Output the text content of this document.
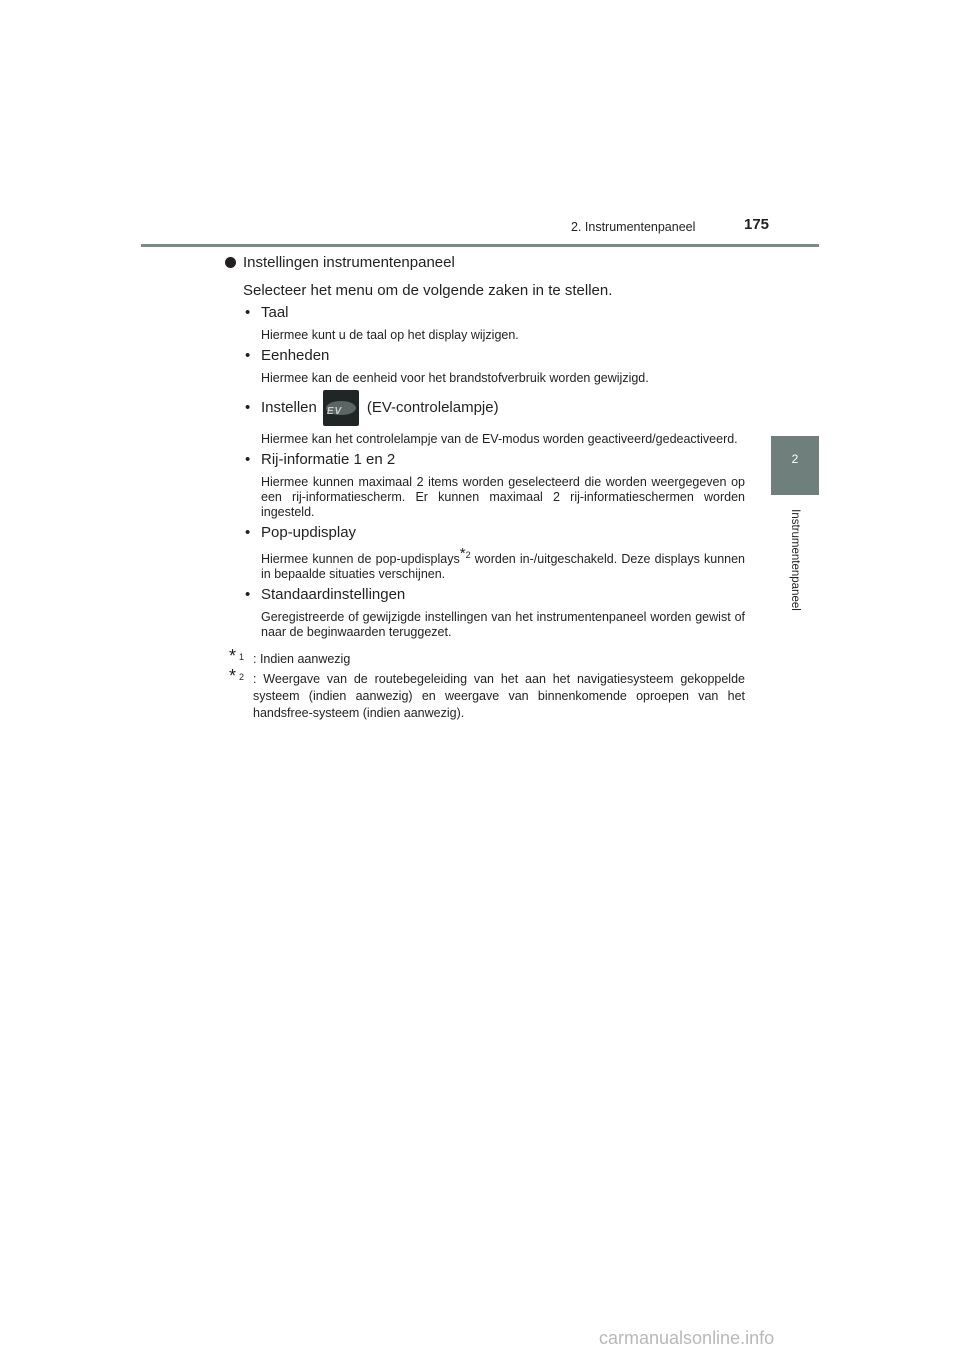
2. Instrumentenpaneel	175
2
Instrumentenpaneel
Instellingen instrumentenpaneel
Selecteer het menu om de volgende zaken in te stellen.
• Taal
Hiermee kunt u de taal op het display wijzigen.
• Eenheden
Hiermee kan de eenheid voor het brandstofverbruik worden gewijzigd.
• Instellen EV (EV-controlelampje)
Hiermee kan het controlelampje van de EV-modus worden geactiveerd/gedeactiveerd.
• Rij-informatie 1 en 2
Hiermee kunnen maximaal 2 items worden geselecteerd die worden weergegeven op een rij-informatiescherm. Er kunnen maximaal 2 rij-informatieschermen worden ingesteld.
• Pop-updisplay
Hiermee kunnen de pop-updisplays*$^2$ worden in-/uitgeschakeld. Deze displays kunnen in bepaalde situaties verschijnen.
• Standaardinstellingen
Geregistreerde of gewijzigde instellingen van het instrumentenpaneel worden gewist of naar de beginwaarden teruggezet.
* 1 : Indien aanwezig
* 2 : Weergave van de routebegeleiding van het aan het navigatiesysteem gekoppelde systeem (indien aanwezig) en weergave van binnenkomende oproepen van het handsfree-systeem (indien aanwezig).
carmanualsonline.info
